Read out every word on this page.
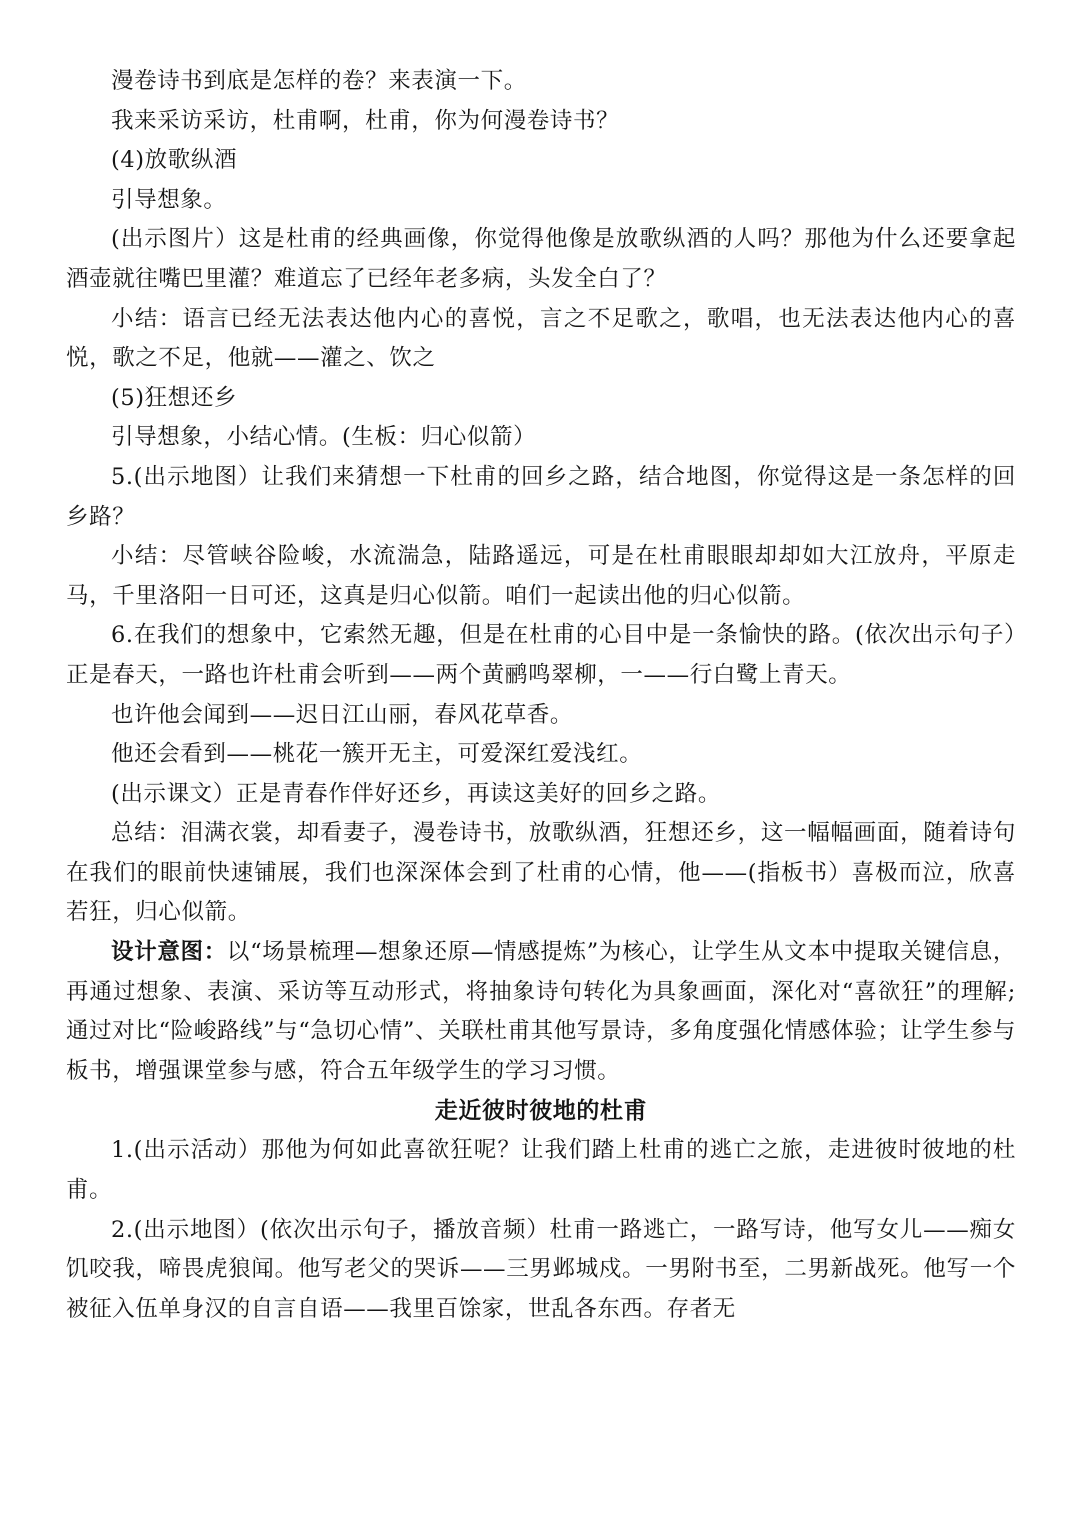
漫卷诗书到底是怎样的卷？来表演一下。

我来采访采访，杜甫啊，杜甫，你为何漫卷诗书？

(4)放歌纵酒

引导想象。

(出示图片）这是杜甫的经典画像，你觉得他像是放歌纵酒的人吗？那他为什么还要拿起酒壶就往嘴巴里灌？难道忘了已经年老多病，头发全白了？

小结：语言已经无法表达他内心的喜悦，言之不足歌之，歌唱，也无法表达他内心的喜悦，歌之不足，他就——灌之、饮之

(5)狂想还乡

引导想象，小结心情。(生板：归心似箭）

5.(出示地图）让我们来猜想一下杜甫的回乡之路，结合地图，你觉得这是一条怎样的回乡路？

小结：尽管峡谷险峻，水流湍急，陆路遥远，可是在杜甫眼眼却却如大江放舟，平原走马，千里洛阳一日可还，这真是归心似箭。咱们一起读出他的归心似箭。

6.在我们的想象中，它索然无趣，但是在杜甫的心目中是一条愉快的路。(依次出示句子）正是春天，一路也许杜甫会听到——两个黄鹂鸣翠柳，一——行白鹭上青天。

也许他会闻到——迟日江山丽，春风花草香。

他还会看到——桃花一簇开无主，可爱深红爱浅红。

(出示课文）正是青春作伴好还乡，再读这美好的回乡之路。

总结：泪满衣裳，却看妻子，漫卷诗书，放歌纵酒，狂想还乡，这一幅幅画面，随着诗句在我们的眼前快速铺展，我们也深深体会到了杜甫的心情，他——(指板书）喜极而泣，欣喜若狂，归心似箭。

设计意图：以“场景梳理—想象还原—情感提炼”为核心，让学生从文本中提取关键信息，再通过想象、表演、采访等互动形式，将抽象诗句转化为具象画面，深化对“喜欲狂”的理解;通过对比“险峻路线”与“急切心情”、关联杜甫其他写景诗，多角度强化情感体验；让学生参与板书，增强课堂参与感，符合五年级学生的学习习惯。

走近彼时彼地的杜甫

1.(出示活动）那他为何如此喜欲狂呢？让我们踏上杜甫的逃亡之旅，走进彼时彼地的杜甫。

2.(出示地图）(依次出示句子，播放音频）杜甫一路逃亡，一路写诗，他写女儿——痴女饥咬我，啼畏虎狼闻。他写老父的哭诉——三男邺城戍。一男附书至，二男新战死。他写一个被征入伍单身汉的自言自语——我里百馀家，世乱各东西。存者无
